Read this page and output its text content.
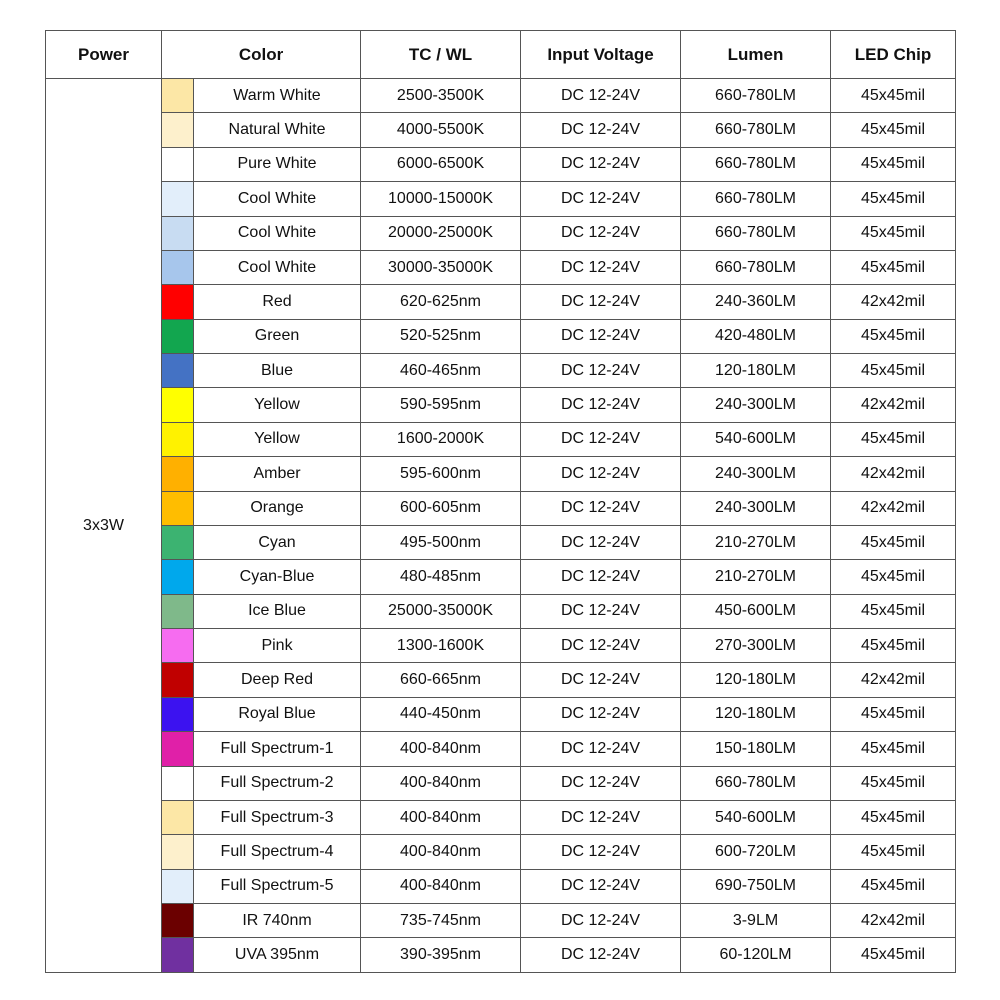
Power	Color		TC / WL	Input Voltage	Lumen	LED Chip
3x3W		Warm White	2500-3500K	DC 12-24V	660-780LM	45x45mil

		Natural White	4000-5500K	DC 12-24V	660-780LM	45x45mil

		Pure White	6000-6500K	DC 12-24V	660-780LM	45x45mil

		Cool White	10000-15000K	DC 12-24V	660-780LM	45x45mil

		Cool White	20000-25000K	DC 12-24V	660-780LM	45x45mil

		Cool White	30000-35000K	DC 12-24V	660-780LM	45x45mil

		Red	620-625nm	DC 12-24V	240-360LM	42x42mil

		Green	520-525nm	DC 12-24V	420-480LM	45x45mil

		Blue	460-465nm	DC 12-24V	120-180LM	45x45mil

		Yellow	590-595nm	DC 12-24V	240-300LM	42x42mil

		Yellow	1600-2000K	DC 12-24V	540-600LM	45x45mil

		Amber	595-600nm	DC 12-24V	240-300LM	42x42mil

		Orange	600-605nm	DC 12-24V	240-300LM	42x42mil

		Cyan	495-500nm	DC 12-24V	210-270LM	45x45mil

		Cyan-Blue	480-485nm	DC 12-24V	210-270LM	45x45mil

		Ice Blue	25000-35000K	DC 12-24V	450-600LM	45x45mil

		Pink	1300-1600K	DC 12-24V	270-300LM	45x45mil

		Deep Red	660-665nm	DC 12-24V	120-180LM	42x42mil

		Royal Blue	440-450nm	DC 12-24V	120-180LM	45x45mil

		Full Spectrum-1	400-840nm	DC 12-24V	150-180LM	45x45mil

		Full Spectrum-2	400-840nm	DC 12-24V	660-780LM	45x45mil

		Full Spectrum-3	400-840nm	DC 12-24V	540-600LM	45x45mil

		Full Spectrum-4	400-840nm	DC 12-24V	600-720LM	45x45mil

		Full Spectrum-5	400-840nm	DC 12-24V	690-750LM	45x45mil

		IR 740nm	735-745nm	DC 12-24V	3-9LM	42x42mil

		UVA 395nm	390-395nm	DC 12-24V	60-120LM	45x45mil
